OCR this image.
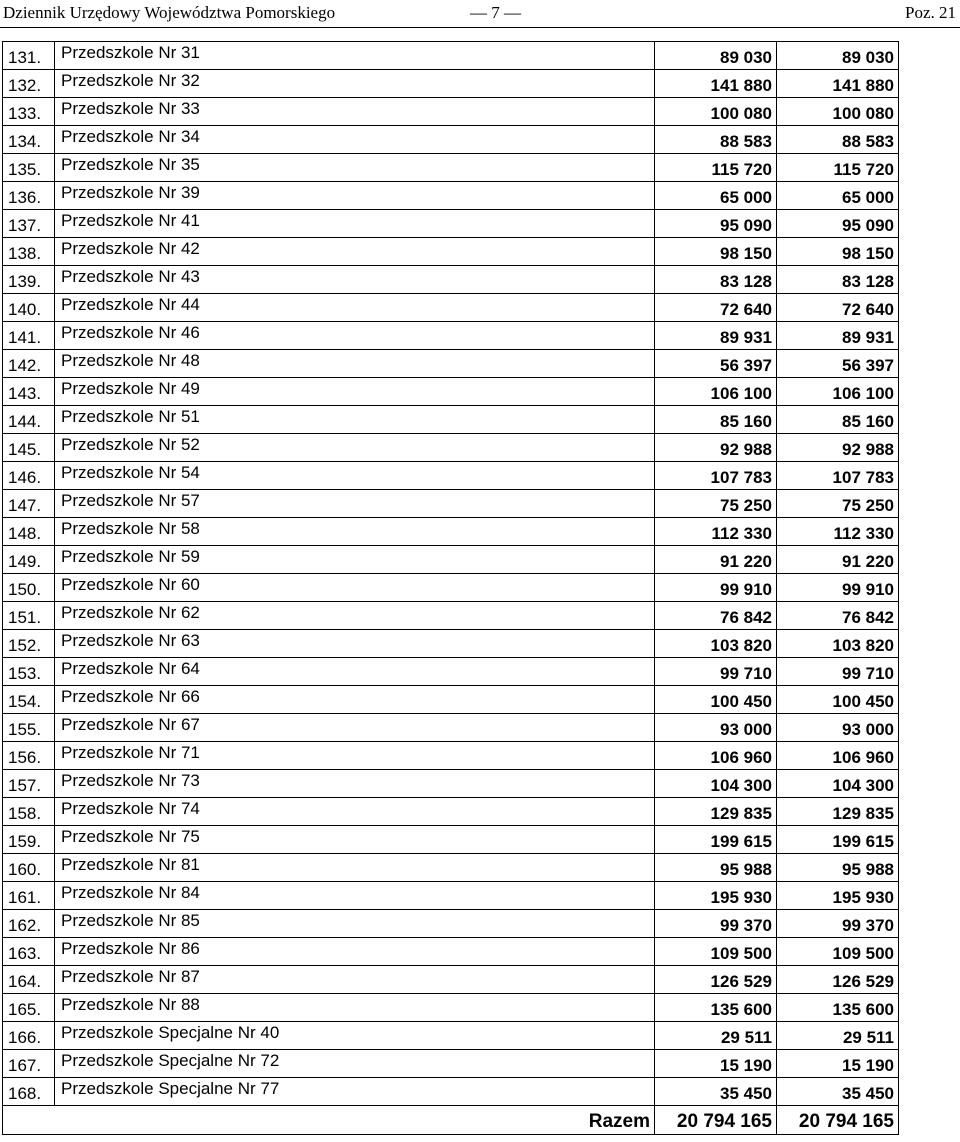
Dziennik Urzędowy Województwa Pomorskiego	— 7 —	Poz. 21
131.	Przedszkole Nr 31	89 030	89 030
132.	Przedszkole Nr 32	141 880	141 880
133.	Przedszkole Nr 33	100 080	100 080
134.	Przedszkole Nr 34	88 583	88 583
135.	Przedszkole Nr 35	115 720	115 720
136.	Przedszkole Nr 39	65 000	65 000
137.	Przedszkole Nr 41	95 090	95 090
138.	Przedszkole Nr 42	98 150	98 150
139.	Przedszkole Nr 43	83 128	83 128
140.	Przedszkole Nr 44	72 640	72 640
141.	Przedszkole Nr 46	89 931	89 931
142.	Przedszkole Nr 48	56 397	56 397
143.	Przedszkole Nr 49	106 100	106 100
144.	Przedszkole Nr 51	85 160	85 160
145.	Przedszkole Nr 52	92 988	92 988
146.	Przedszkole Nr 54	107 783	107 783
147.	Przedszkole Nr 57	75 250	75 250
148.	Przedszkole Nr 58	112 330	112 330
149.	Przedszkole Nr 59	91 220	91 220
150.	Przedszkole Nr 60	99 910	99 910
151.	Przedszkole Nr 62	76 842	76 842
152.	Przedszkole Nr 63	103 820	103 820
153.	Przedszkole Nr 64	99 710	99 710
154.	Przedszkole Nr 66	100 450	100 450
155.	Przedszkole Nr 67	93 000	93 000
156.	Przedszkole Nr 71	106 960	106 960
157.	Przedszkole Nr 73	104 300	104 300
158.	Przedszkole Nr 74	129 835	129 835
159.	Przedszkole Nr 75	199 615	199 615
160.	Przedszkole Nr 81	95 988	95 988
161.	Przedszkole Nr 84	195 930	195 930
162.	Przedszkole Nr 85	99 370	99 370
163.	Przedszkole Nr 86	109 500	109 500
164.	Przedszkole Nr 87	126 529	126 529
165.	Przedszkole Nr 88	135 600	135 600
166.	Przedszkole Specjalne Nr 40	29 511	29 511
167.	Przedszkole Specjalne Nr 72	15 190	15 190
168.	Przedszkole Specjalne Nr 77	35 450	35 450
Razem		20 794 165	20 794 165
